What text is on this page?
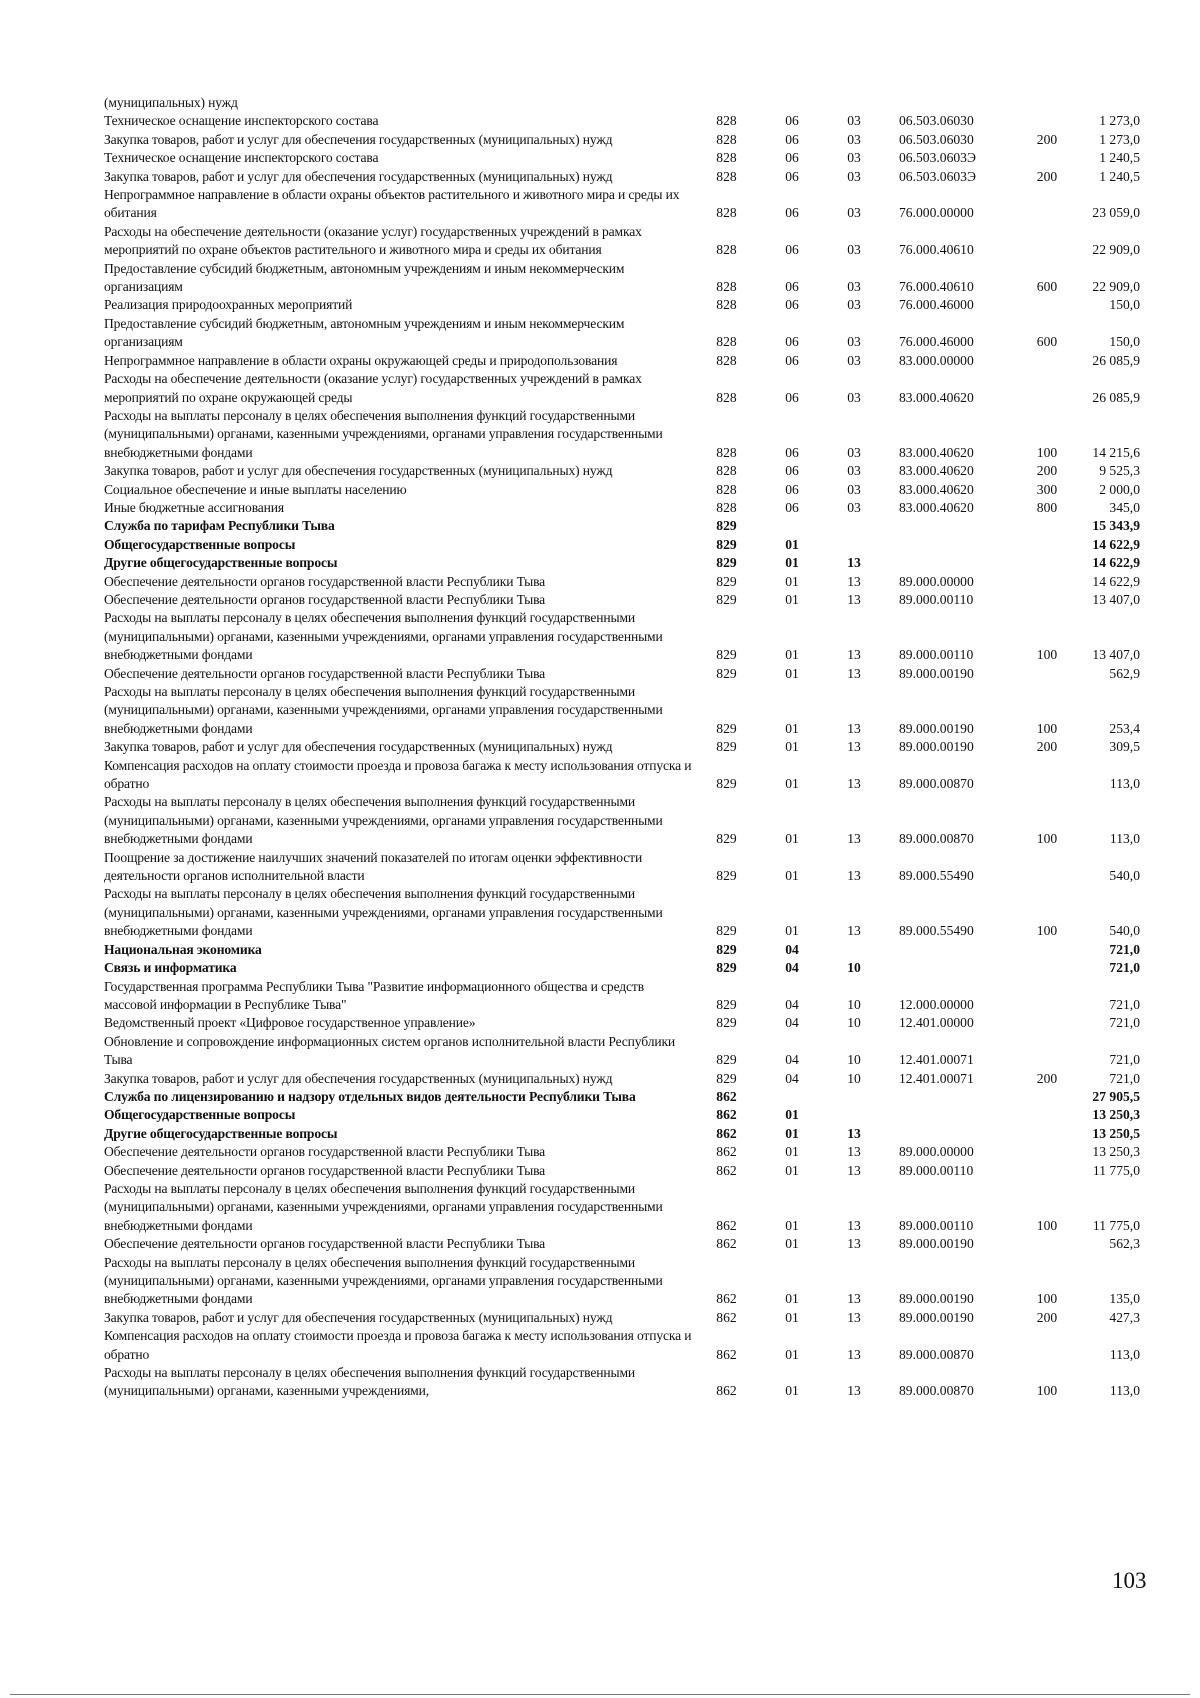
(муниципальных) нужд						
Техническое оснащение инспекторского состава	828	06	03	06.503.06030		1 273,0
Закупка товаров, работ и услуг для обеспечения государственных (муниципальных) нужд	828	06	03	06.503.06030	200	1 273,0
Техническое оснащение инспекторского состава	828	06	03	06.503.0603Э		1 240,5
Закупка товаров, работ и услуг для обеспечения государственных (муниципальных) нужд	828	06	03	06.503.0603Э	200	1 240,5
Непрограммное направление в области охраны объектов растительного и животного мира и среды их обитания	828	06	03	76.000.00000		23 059,0
Расходы на обеспечение деятельности (оказание услуг) государственных учреждений в рамках мероприятий по охране объектов растительного и животного мира и среды их обитания	828	06	03	76.000.40610		22 909,0
Предоставление субсидий бюджетным, автономным учреждениям и иным некоммерческим организациям	828	06	03	76.000.40610	600	22 909,0
Реализация природоохранных мероприятий	828	06	03	76.000.46000		150,0
Предоставление субсидий бюджетным, автономным учреждениям и иным некоммерческим организациям	828	06	03	76.000.46000	600	150,0
Непрограммное направление в области охраны окружающей среды и природопользования	828	06	03	83.000.00000		26 085,9
Расходы на обеспечение деятельности (оказание услуг) государственных учреждений в рамках мероприятий по охране окружающей среды	828	06	03	83.000.40620		26 085,9
Расходы на выплаты персоналу в целях обеспечения выполнения функций государственными (муниципальными) органами, казенными учреждениями, органами управления государственными внебюджетными фондами	828	06	03	83.000.40620	100	14 215,6
Закупка товаров, работ и услуг для обеспечения государственных (муниципальных) нужд	828	06	03	83.000.40620	200	9 525,3
Социальное обеспечение и иные выплаты населению	828	06	03	83.000.40620	300	2 000,0
Иные бюджетные ассигнования	828	06	03	83.000.40620	800	345,0
Служба по тарифам Республики Тыва	829					15 343,9
Общегосударственные вопросы	829	01				14 622,9
Другие общегосударственные вопросы	829	01	13			14 622,9
Обеспечение деятельности органов государственной власти Республики Тыва	829	01	13	89.000.00000		14 622,9
Обеспечение деятельности органов государственной власти Республики Тыва	829	01	13	89.000.00110		13 407,0
Расходы на выплаты персоналу в целях обеспечения выполнения функций государственными (муниципальными) органами, казенными учреждениями, органами управления государственными внебюджетными фондами	829	01	13	89.000.00110	100	13 407,0
Обеспечение деятельности органов государственной власти Республики Тыва	829	01	13	89.000.00190		562,9
Расходы на выплаты персоналу в целях обеспечения выполнения функций государственными (муниципальными) органами, казенными учреждениями, органами управления государственными внебюджетными фондами	829	01	13	89.000.00190	100	253,4
Закупка товаров, работ и услуг для обеспечения государственных (муниципальных) нужд	829	01	13	89.000.00190	200	309,5
Компенсация расходов на оплату стоимости проезда и провоза багажа к месту использования отпуска и обратно	829	01	13	89.000.00870		113,0
Расходы на выплаты персоналу в целях обеспечения выполнения функций государственными (муниципальными) органами, казенными учреждениями, органами управления государственными внебюджетными фондами	829	01	13	89.000.00870	100	113,0
Поощрение за достижение наилучших значений показателей по итогам оценки эффективности деятельности органов исполнительной власти	829	01	13	89.000.55490		540,0
Расходы на выплаты персоналу в целях обеспечения выполнения функций государственными (муниципальными) органами, казенными учреждениями, органами управления государственными внебюджетными фондами	829	01	13	89.000.55490	100	540,0
Национальная экономика	829	04				721,0
Связь и информатика	829	04	10			721,0
Государственная программа Республики Тыва "Развитие информационного общества и средств массовой информации в Республике Тыва"	829	04	10	12.000.00000		721,0
Ведомственный проект «Цифровое государственное управление»	829	04	10	12.401.00000		721,0
Обновление и сопровождение информационных систем органов исполнительной власти Республики Тыва	829	04	10	12.401.00071		721,0
Закупка товаров, работ и услуг для обеспечения государственных (муниципальных) нужд	829	04	10	12.401.00071	200	721,0
Служба по лицензированию и надзору отдельных видов деятельности Республики Тыва	862					27 905,5
Общегосударственные вопросы	862	01				13 250,3
Другие общегосударственные вопросы	862	01	13			13 250,5
Обеспечение деятельности органов государственной власти Республики Тыва	862	01	13	89.000.00000		13 250,3
Обеспечение деятельности органов государственной власти Республики Тыва	862	01	13	89.000.00110		11 775,0
Расходы на выплаты персоналу в целях обеспечения выполнения функций государственными (муниципальными) органами, казенными учреждениями, органами управления государственными внебюджетными фондами	862	01	13	89.000.00110	100	11 775,0
Обеспечение деятельности органов государственной власти Республики Тыва	862	01	13	89.000.00190		562,3
Расходы на выплаты персоналу в целях обеспечения выполнения функций государственными (муниципальными) органами, казенными учреждениями, органами управления государственными внебюджетными фондами	862	01	13	89.000.00190	100	135,0
Закупка товаров, работ и услуг для обеспечения государственных (муниципальных) нужд	862	01	13	89.000.00190	200	427,3
Компенсация расходов на оплату стоимости проезда и провоза багажа к месту использования отпуска и обратно	862	01	13	89.000.00870		113,0
Расходы на выплаты персоналу в целях обеспечения выполнения функций государственными (муниципальными) органами, казенными учреждениями,	862	01	13	89.000.00870	100	113,0
103
